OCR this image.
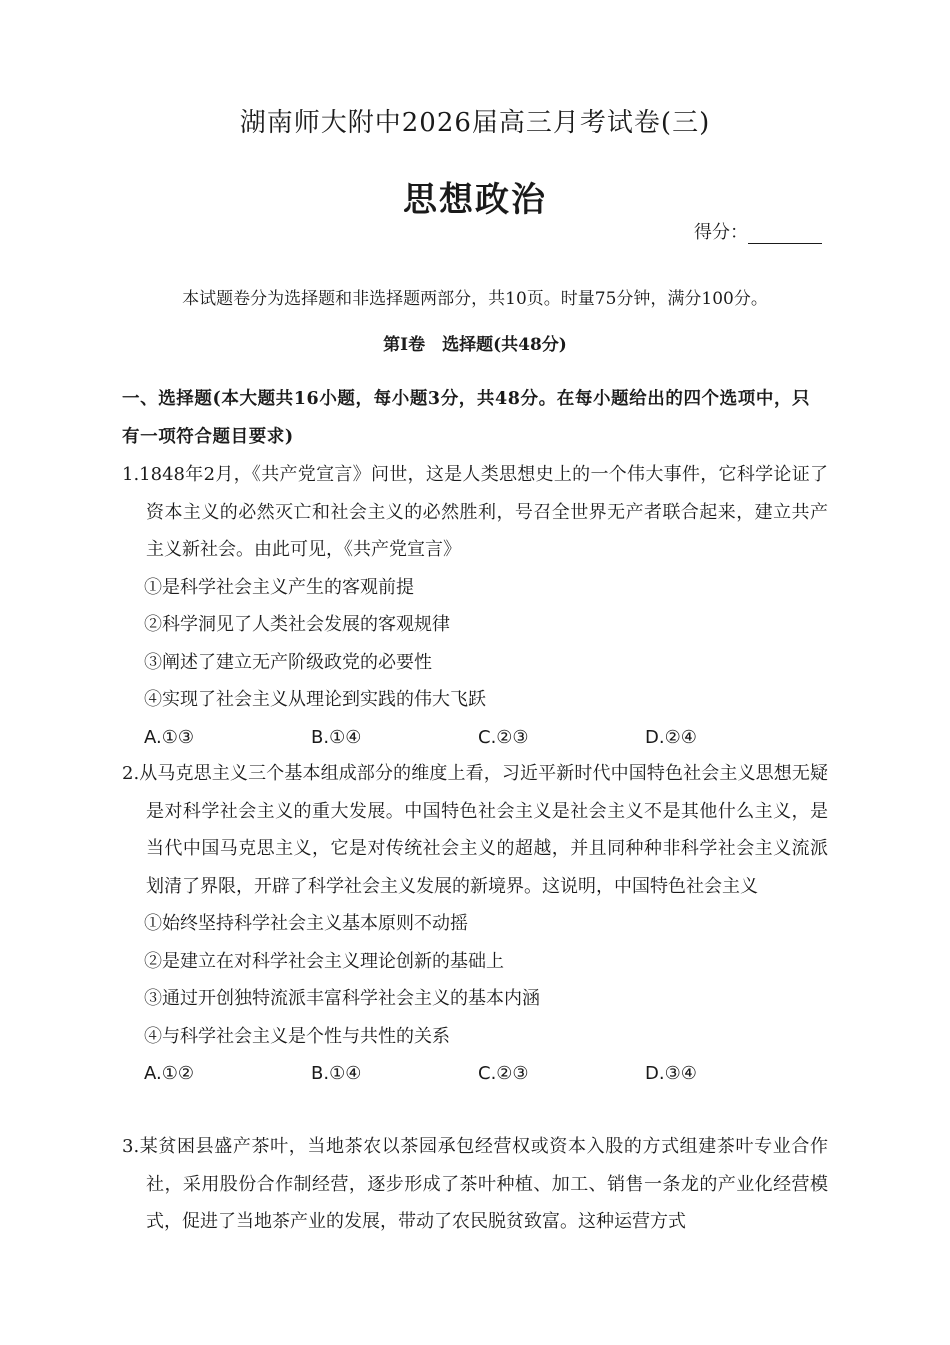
湖南师大附中2026届高三月考试卷(三)
思想政治
得分：
本试题卷分为选择题和非选择题两部分，共10页。时量75分钟，满分100分。
第Ⅰ卷　选择题(共48分)
一、选择题(本大题共16小题，每小题3分，共48分。在每小题给出的四个选项中，只有一项符合题目要求)
1.1848年2月，《共产党宣言》问世，这是人类思想史上的一个伟大事件，它科学论证了资本主义的必然灭亡和社会主义的必然胜利，号召全世界无产者联合起来，建立共产主义新社会。由此可见，《共产党宣言》
①是科学社会主义产生的客观前提
②科学洞见了人类社会发展的客观规律
③阐述了建立无产阶级政党的必要性
④实现了社会主义从理论到实践的伟大飞跃
A.①③	B.①④	C.②③	D.②④
2.从马克思主义三个基本组成部分的维度上看，习近平新时代中国特色社会主义思想无疑是对科学社会主义的重大发展。中国特色社会主义是社会主义不是其他什么主义，是当代中国马克思主义，它是对传统社会主义的超越，并且同种种非科学社会主义流派划清了界限，开辟了科学社会主义发展的新境界。这说明，中国特色社会主义
①始终坚持科学社会主义基本原则不动摇
②是建立在对科学社会主义理论创新的基础上
③通过开创独特流派丰富科学社会主义的基本内涵
④与科学社会主义是个性与共性的关系
A.①②	B.①④	C.②③	D.③④
3.某贫困县盛产茶叶，当地茶农以茶园承包经营权或资本入股的方式组建茶叶专业合作社，采用股份合作制经营，逐步形成了茶叶种植、加工、销售一条龙的产业化经营模式，促进了当地茶产业的发展，带动了农民脱贫致富。这种运营方式
